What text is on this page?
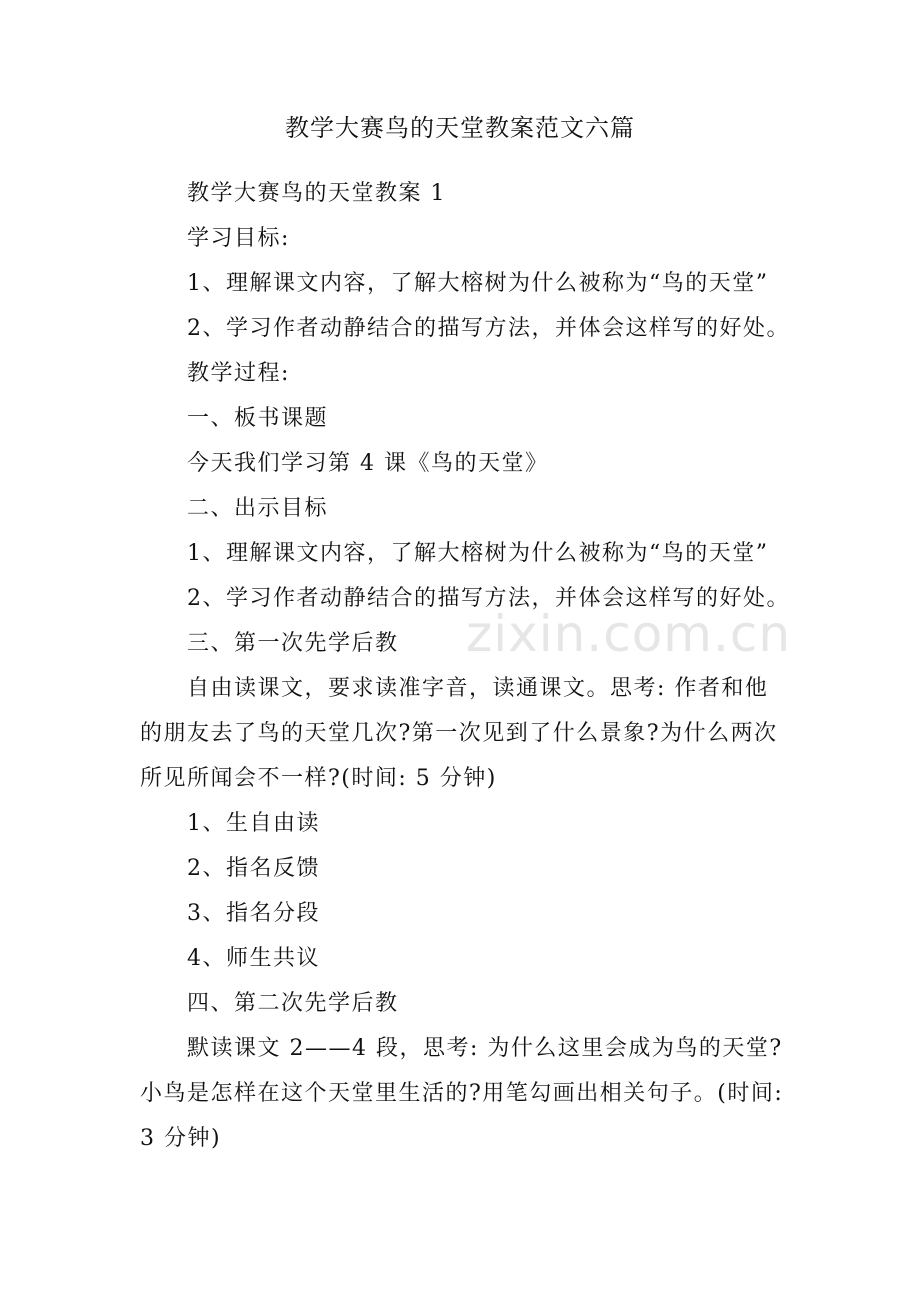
zixin.com.cn
教学大赛鸟的天堂教案范文六篇
教学大赛鸟的天堂教案 1
学习目标:
1、理解课文内容，了解大榕树为什么被称为“鸟的天堂”
2、学习作者动静结合的描写方法，并体会这样写的好处。
教学过程:
一、板书课题
今天我们学习第 4 课《鸟的天堂》
二、出示目标
1、理解课文内容，了解大榕树为什么被称为“鸟的天堂”
2、学习作者动静结合的描写方法，并体会这样写的好处。
三、第一次先学后教
自由读课文，要求读准字音，读通课文。思考: 作者和他
的朋友去了鸟的天堂几次?第一次见到了什么景象?为什么两次
所见所闻会不一样?(时间: 5 分钟)
1、生自由读
2、指名反馈
3、指名分段
4、师生共议
四、第二次先学后教
默读课文 2——4 段，思考: 为什么这里会成为鸟的天堂?
小鸟是怎样在这个天堂里生活的?用笔勾画出相关句子。(时间:
3 分钟)
